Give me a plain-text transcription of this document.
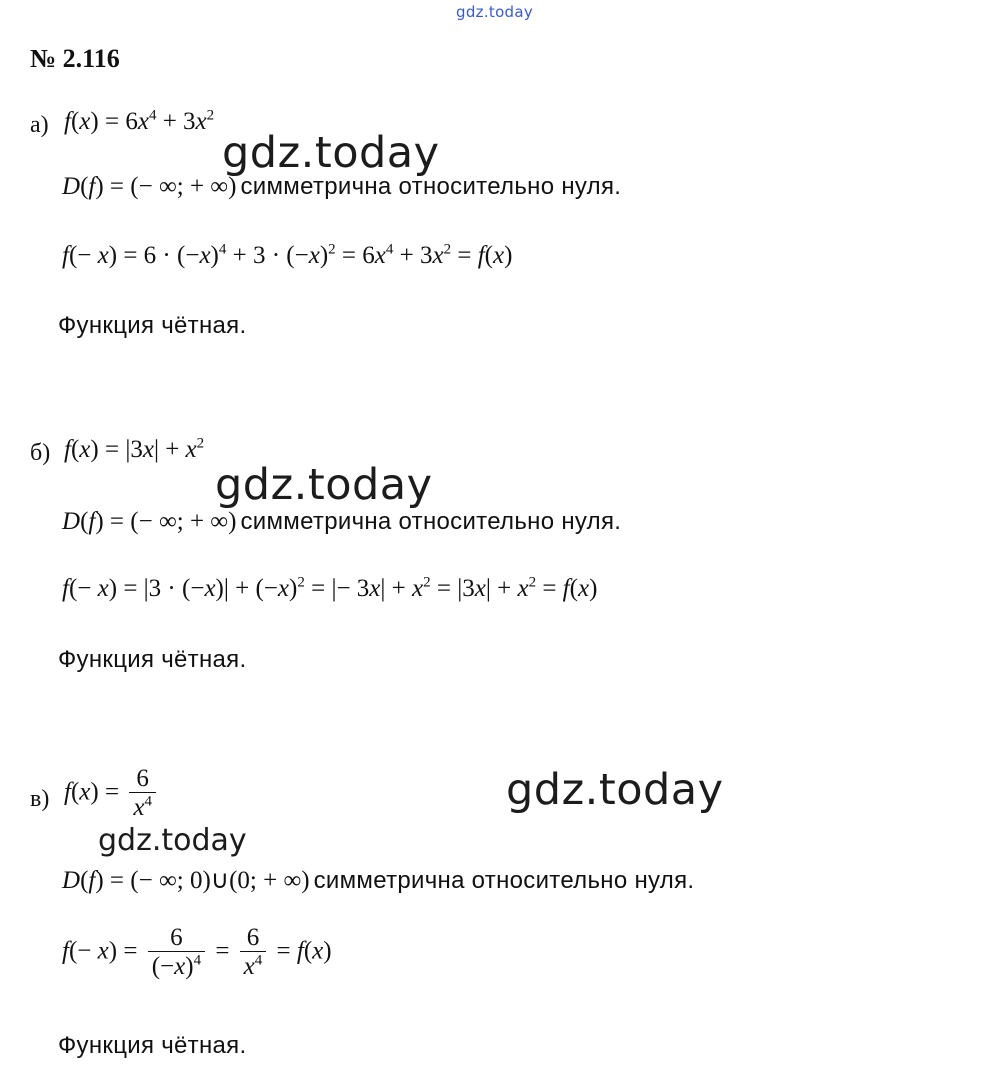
gdz.today
№ 2.116
а) $f(x) = 6x^4 + 3x^2$
gdz.today
D(f) = (− ∞; + ∞) симметрична относительно нуля.
$f(- x) = 6 \cdot (-x)^4 + 3 \cdot (-x)^2 = 6x^4 + 3x^2 = f(x)$
Функция чётная.
б) $f(x) = |3x| + x^2$
gdz.today
D(f) = (− ∞; + ∞) симметрична относительно нуля.
$f(- x) = |3 \cdot (-x)| + (-x)^2$ = |− $3x| + x^2 = |3x| + x^2 = f(x)$
Функция чётная.
в) $f(x) = \frac{6}{x^4}$	gdz.today
gdz.today
D(f) = (− ∞; 0)∪(0; + ∞) симметрична относительно нуля.
$f(- x) = \frac{6}{(-x)^4} = \frac{6}{x^4} = f(x)$
Функция чётная.
